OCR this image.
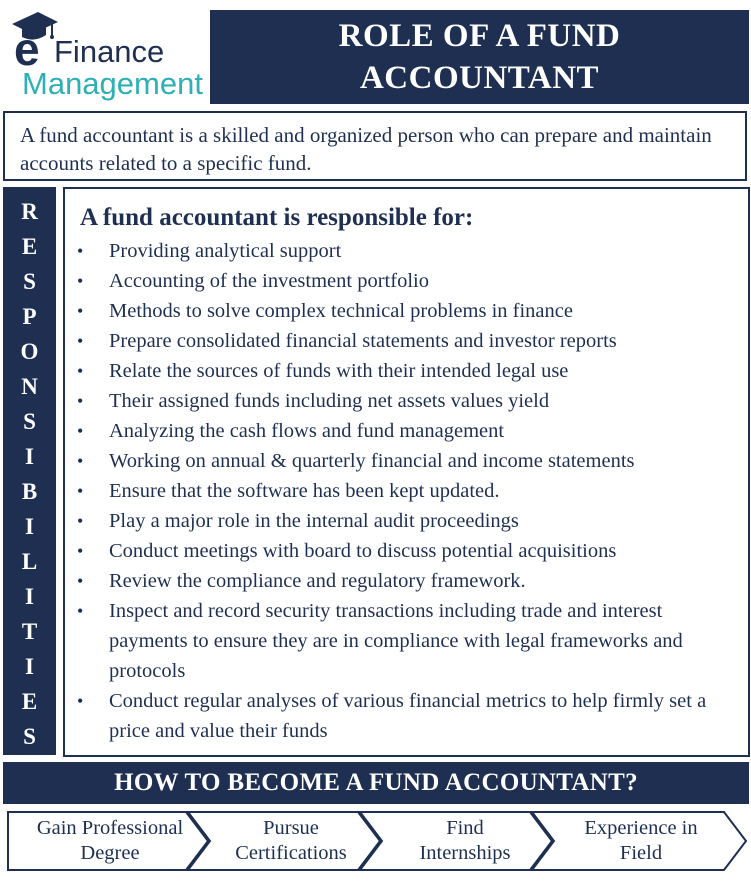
e Finance
Management
ROLE OF A FUND ACCOUNTANT

A fund accountant is a skilled and organized person who can prepare and maintain accounts related to a specific fund.

R
E
S
P
O
N
S
I
B
I
L
I
T
I
E
S
A fund accountant is responsible for:
• Providing analytical support
• Accounting of the investment portfolio
• Methods to solve complex technical problems in finance
• Prepare consolidated financial statements and investor reports
• Relate the sources of funds with their intended legal use
• Their assigned funds including net assets values yield
• Analyzing the cash flows and fund management
• Working on annual & quarterly financial and income statements
• Ensure that the software has been kept updated.
• Play a major role in the internal audit proceedings
• Conduct meetings with board to discuss potential acquisitions
• Review the compliance and regulatory framework.
• Inspect and record security transactions including trade and interest payments to ensure they are in compliance with legal frameworks and protocols
• Conduct regular analyses of various financial metrics to help firmly set a price and value their funds
HOW TO BECOME A FUND ACCOUNTANT?
Gain Professional
Degree
Pursue
Certifications
Find
Internships
Experience in
Field
